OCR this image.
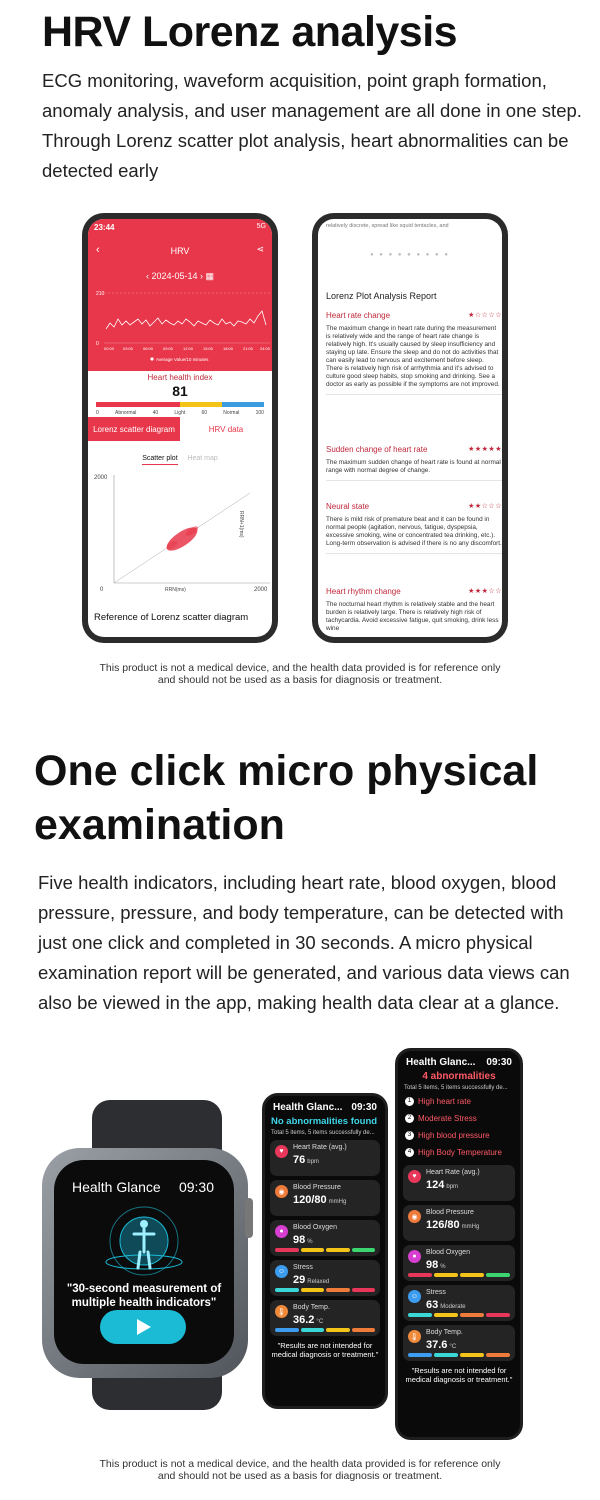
HRV Lorenz analysis

ECG monitoring, waveform acquisition, point graph formation, anomaly analysis, and user management are all done in one step. Through Lorenz scatter plot analysis, heart abnormalities can be detected early

23:44	5G
‹	HRV	⋖
‹ 2024-05-14 › ▦
210
0
00:00 03:00 06:00 09:00 12:00 15:00 18:00 21:00 24:00
Average Value/10 minutes
Heart health index
81
0	Abnormal	40	Light	60	Normal	100
Lorenz scatter diagram	HRV data
Scatter plot Heat map
2000
0	2000
RRN(ms)
RRN+1(ms)
Reference of Lorenz scatter diagram
relatively discrete, spread like squid tentacles, and
● ● ● ● ● ● ● ● ●
Lorenz Plot Analysis Report
Heart rate change	★☆☆☆☆
The maximum change in heart rate during the measurement is relatively wide and the range of heart rate change is relatively high. It's usually caused by sleep insufficiency and staying up late. Ensure the sleep and do not do activities that can easily lead to nervous and excitement before sleep. There is relatively high risk of arrhythmia and it's advised to culture good sleep habits, stop smoking and drinking. See a doctor as early as possible if the symptoms are not improved.
Sudden change of heart rate	★★★★★
The maximum sudden change of heart rate is found at normal range with normal degree of change.
Neural state	★★☆☆☆
There is mild risk of premature beat and it can be found in normal people (agitation, nervous, fatigue, dyspepsia, excessive smoking, wine or concentrated tea drinking, etc.). Long-term observation is advised if there is no any discomfort.
Heart rhythm change	★★★☆☆
The nocturnal heart rhythm is relatively stable and the heart burden is relatively large. There is relatively high risk of tachycardia. Avoid excessive fatigue, quit smoking, drink less wine
This product is not a medical device, and the health data provided is for reference only
and should not be used as a basis for diagnosis or treatment.
One click micro physical examination

Five health indicators, including heart rate, blood oxygen, blood pressure, pressure, and body temperature, can be detected with just one click and completed in 30 seconds. A micro physical examination report will be generated, and various data views can also be viewed in the app, making health data clear at a glance.

Health Glance 09:30
"30-second measurement of multiple health indicators"
Health Glanc... 09:30
No abnormalities found
Total 5 items, 5 items successfully de...
♥
Heart Rate (avg.)
76 bpm
◉
Blood Pressure
120/80 mmHg
●
Blood Oxygen
98 %
☺
Stress
29 Relaxed
🌡
Body Temp.
36.2 °C
"Results are not intended for medical diagnosis or treatment."
Health Glanc... 09:30
4 abnormalities
Total 5 items, 5 items successfully de...
1 High heart rate
2 Moderate Stress
3 High blood pressure
4 High Body Temperature
♥
Heart Rate (avg.)
124 bpm
◉
Blood Pressure
126/80 mmHg
●
Blood Oxygen
98 %
☺
Stress
63 Moderate
🌡
Body Temp.
37.6 °C
"Results are not intended for medical diagnosis or treatment."
This product is not a medical device, and the health data provided is for reference only
and should not be used as a basis for diagnosis or treatment.
